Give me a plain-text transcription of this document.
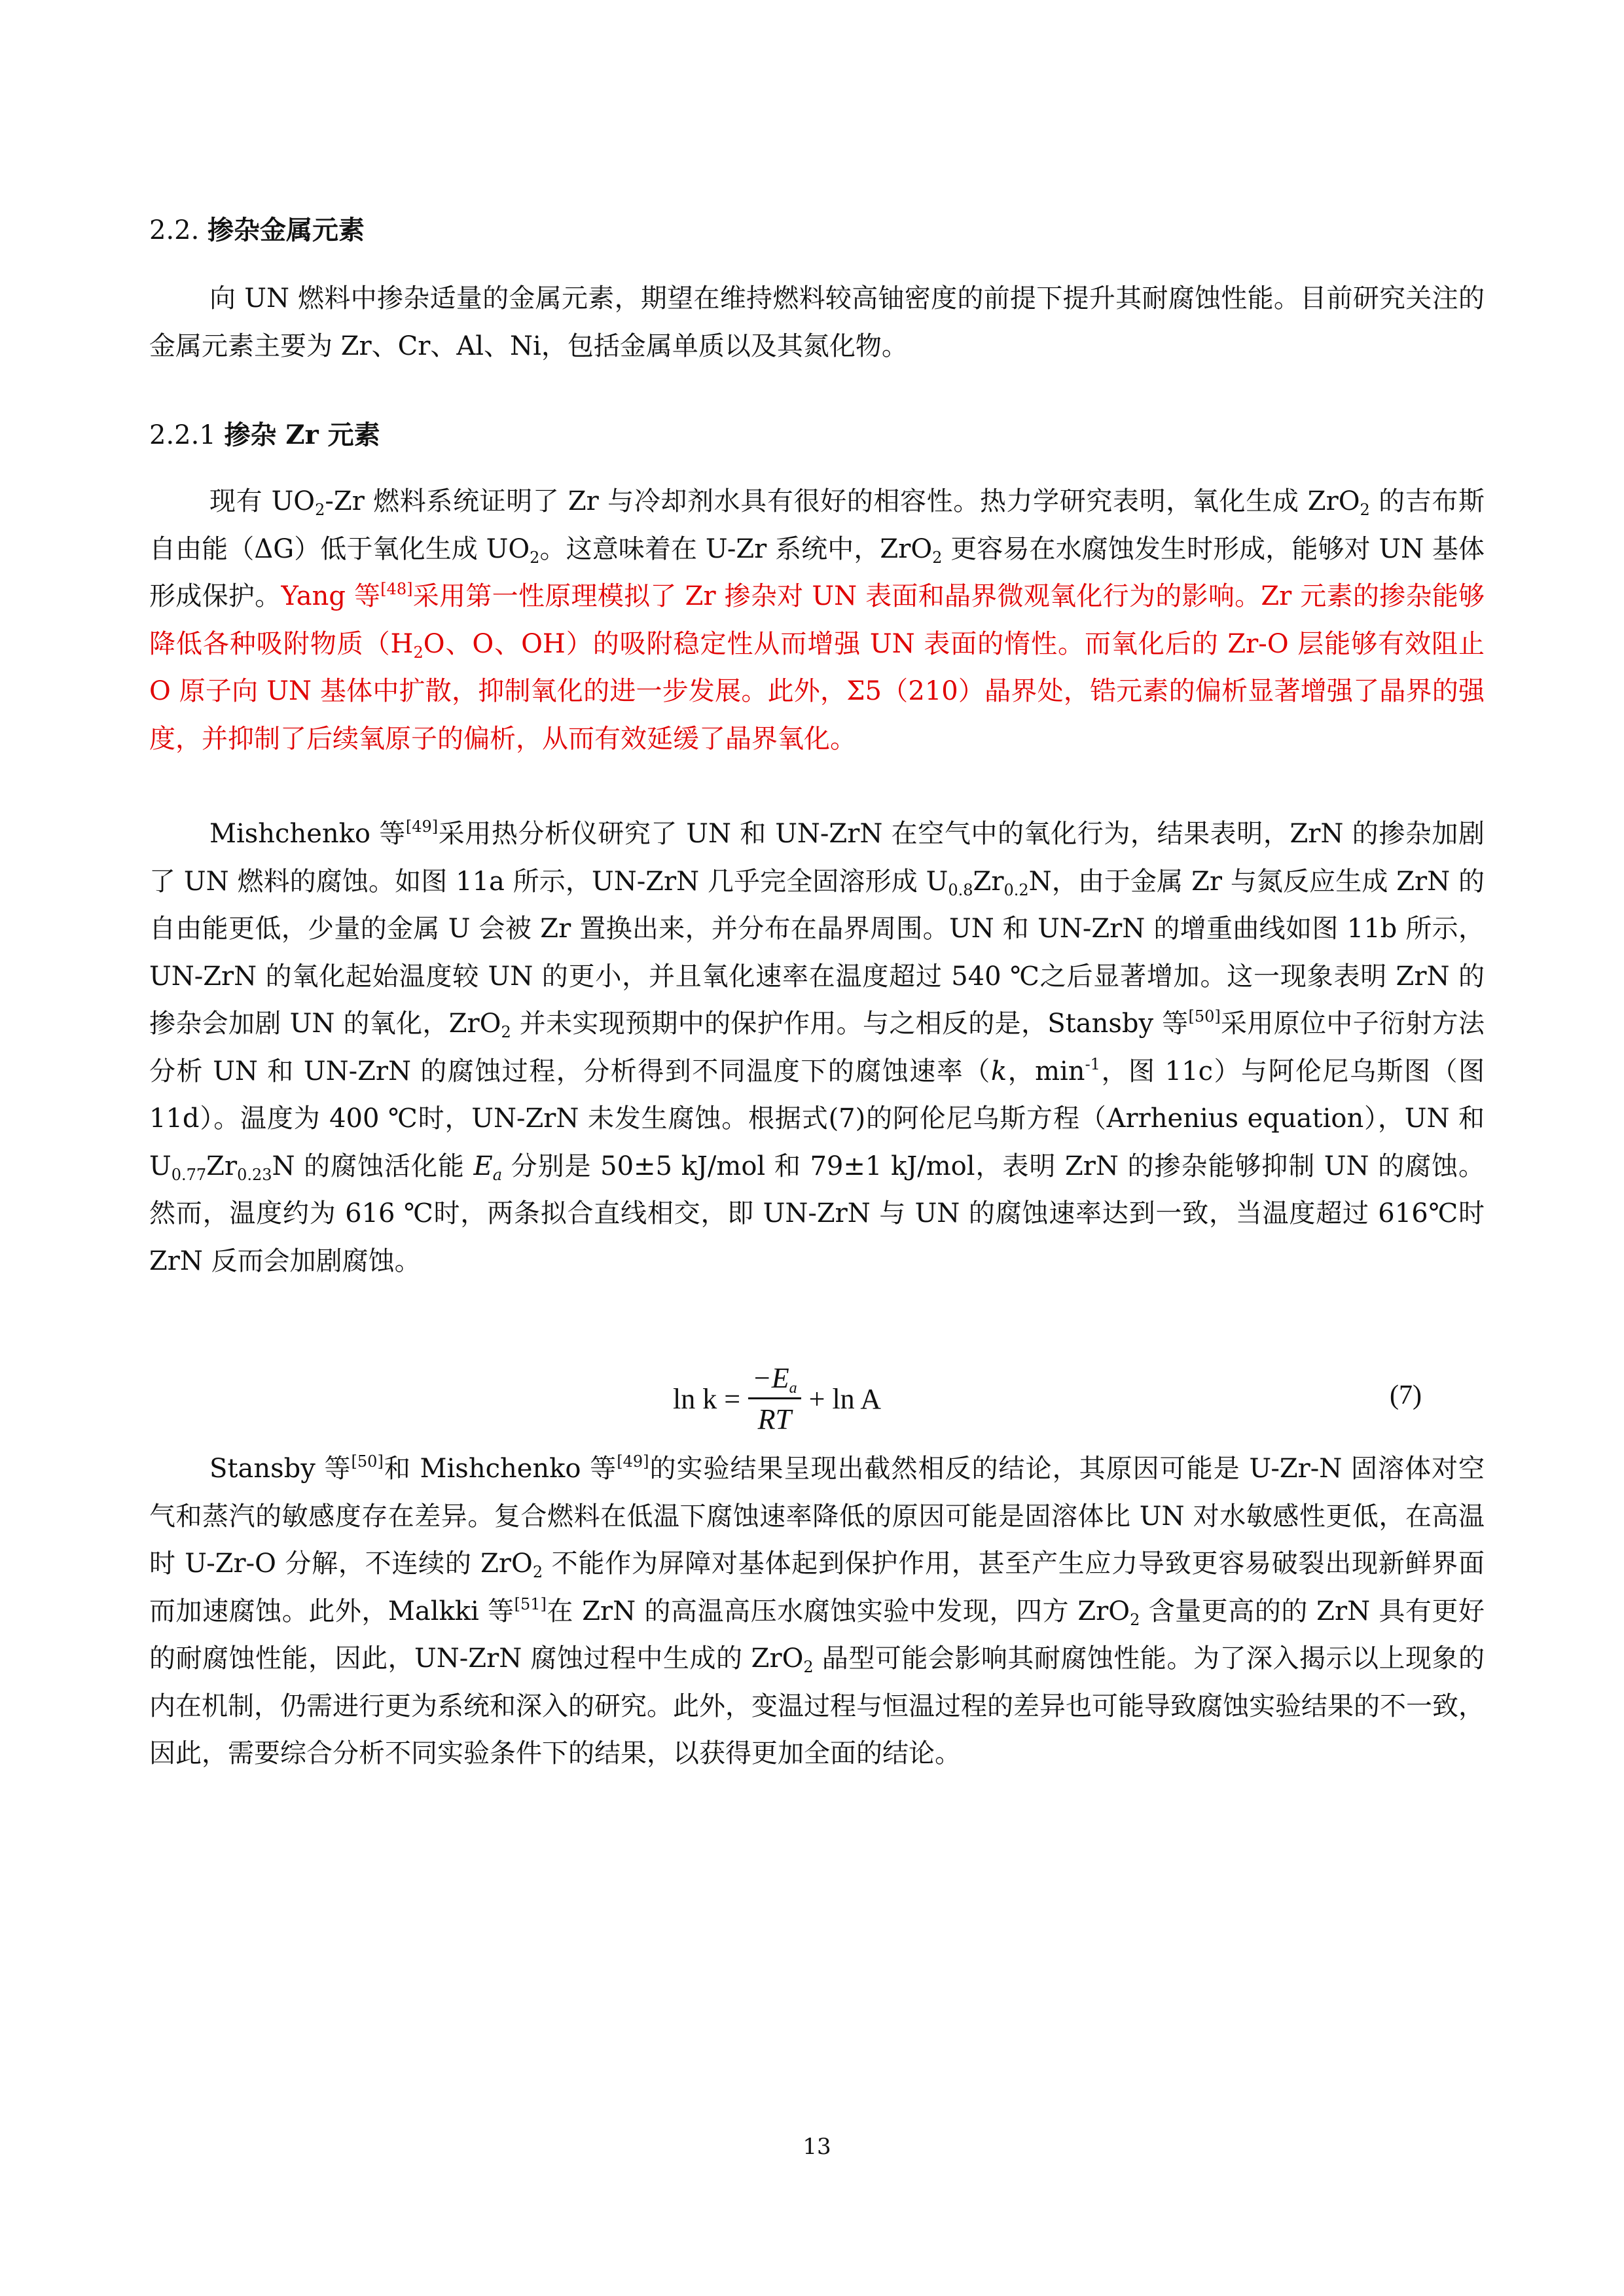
2.2. 掺杂金属元素

向 UN 燃料中掺杂适量的金属元素，期望在维持燃料较高铀密度的前提下提升其耐腐蚀性能。目前研究关注的金属元素主要为 Zr、Cr、Al、Ni，包括金属单质以及其氮化物。

2.2.1 掺杂 Zr 元素

现有 $UO_2-Zr$ 燃料系统证明了 Zr 与冷却剂水具有很好的相容性。热力学研究表明，氧化生成 ZrO$_2$ 的吉布斯自由能（ΔG）低于氧化生成 $UO_2$。这意味着在 U-Zr 系统中，ZrO$_2$ 更容易在水腐蚀发生时形成，能够对 UN 基体形成保护。Yang 等[48]采用第一性原理模拟了 Zr 掺杂对 UN 表面和晶界微观氧化行为的影响。Zr 元素的掺杂能够降低各种吸附物质（$H_2O$、O、OH）的吸附稳定性从而增强 UN 表面的惰性。而氧化后的 Zr-O 层能够有效阻止 O 原子向 UN 基体中扩散，抑制氧化的进一步发展。此外，Σ5（210）晶界处，锆元素的偏析显著增强了晶界的强度，并抑制了后续氧原子的偏析，从而有效延缓了晶界氧化。

Mishchenko 等[49]采用热分析仪研究了 UN 和 UN-ZrN 在空气中的氧化行为，结果表明，ZrN 的掺杂加剧了 UN 燃料的腐蚀。如图 11a 所示，UN-ZrN 几乎完全固溶形成 $U_{0.8}Zr_{0.2}N$，由于金属 Zr 与氮反应生成 ZrN 的自由能更低，少量的金属 U 会被 Zr 置换出来，并分布在晶界周围。UN 和 UN-ZrN 的增重曲线如图 11b 所示，UN-ZrN 的氧化起始温度较 UN 的更小，并且氧化速率在温度超过 540 ℃之后显著增加。这一现象表明 ZrN 的掺杂会加剧 UN 的氧化，ZrO$_2$ 并未实现预期中的保护作用。与之相反的是，Stansby 等[50]采用原位中子衍射方法分析 UN 和 UN-ZrN 的腐蚀过程，分析得到不同温度下的腐蚀速率（k，$\min^{-1}$，图 11c）与阿伦尼乌斯图（图 11d）。温度为 400 ℃时，UN-ZrN 未发生腐蚀。根据式(7)的阿伦尼乌斯方程（Arrhenius equation），UN 和 $U_{0.77}Zr_{0.23}N$ 的腐蚀活化能 $E_a$ 分别是 50±5 kJ/mol 和 79±1 kJ/mol，表明 ZrN 的掺杂能够抑制 UN 的腐蚀。然而，温度约为 616 ℃时，两条拟合直线相交，即 UN-ZrN 与 UN 的腐蚀速率达到一致，当温度超过 616℃时 ZrN 反而会加剧腐蚀。

$\ln k = \frac{-E_a}{RT} + \ln A$	(7)

Stansby 等[50]和 Mishchenko 等[49]的实验结果呈现出截然相反的结论，其原因可能是 U-Zr-N 固溶体对空气和蒸汽的敏感度存在差异。复合燃料在低温下腐蚀速率降低的原因可能是固溶体比 UN 对水敏感性更低，在高温时 U-Zr-O 分解，不连续的 ZrO$_2$ 不能作为屏障对基体起到保护作用，甚至产生应力导致更容易破裂出现新鲜界面而加速腐蚀。此外，Malkki 等[51]在 ZrN 的高温高压水腐蚀实验中发现，四方 ZrO$_2$ 含量更高的的 ZrN 具有更好的耐腐蚀性能，因此，UN-ZrN 腐蚀过程中生成的 ZrO$_2$ 晶型可能会影响其耐腐蚀性能。为了深入揭示以上现象的内在机制，仍需进行更为系统和深入的研究。此外，变温过程与恒温过程的差异也可能导致腐蚀实验结果的不一致，因此，需要综合分析不同实验条件下的结果，以获得更加全面的结论。

13
